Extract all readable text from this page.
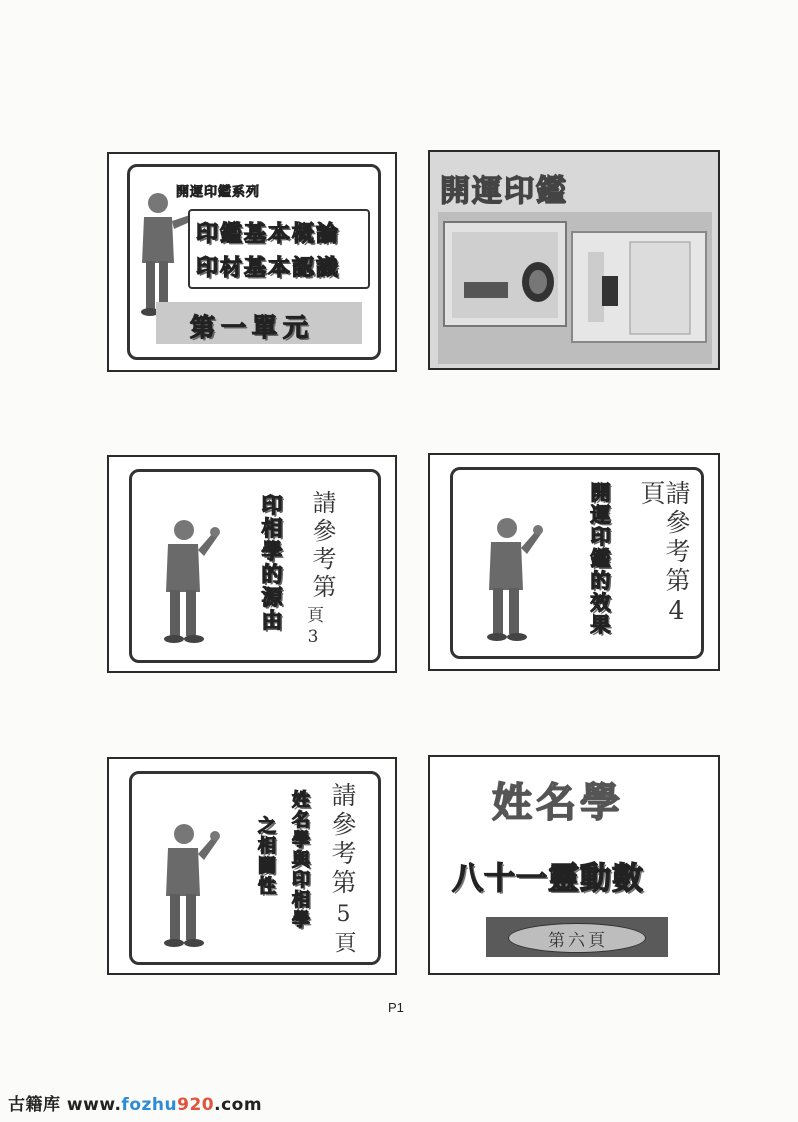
開運印鑑系列
印鑑基本概論
印材基本認識
第一單元
開運印鑑
印相學的源由 請參考第
頁3	開運印鑑的效果	請參考第4頁
之相關性 姓名學與印相學 請參考第
5頁
姓名學
八十一靈動數
第六頁
P1
古籍库 www.fozhu920.com
